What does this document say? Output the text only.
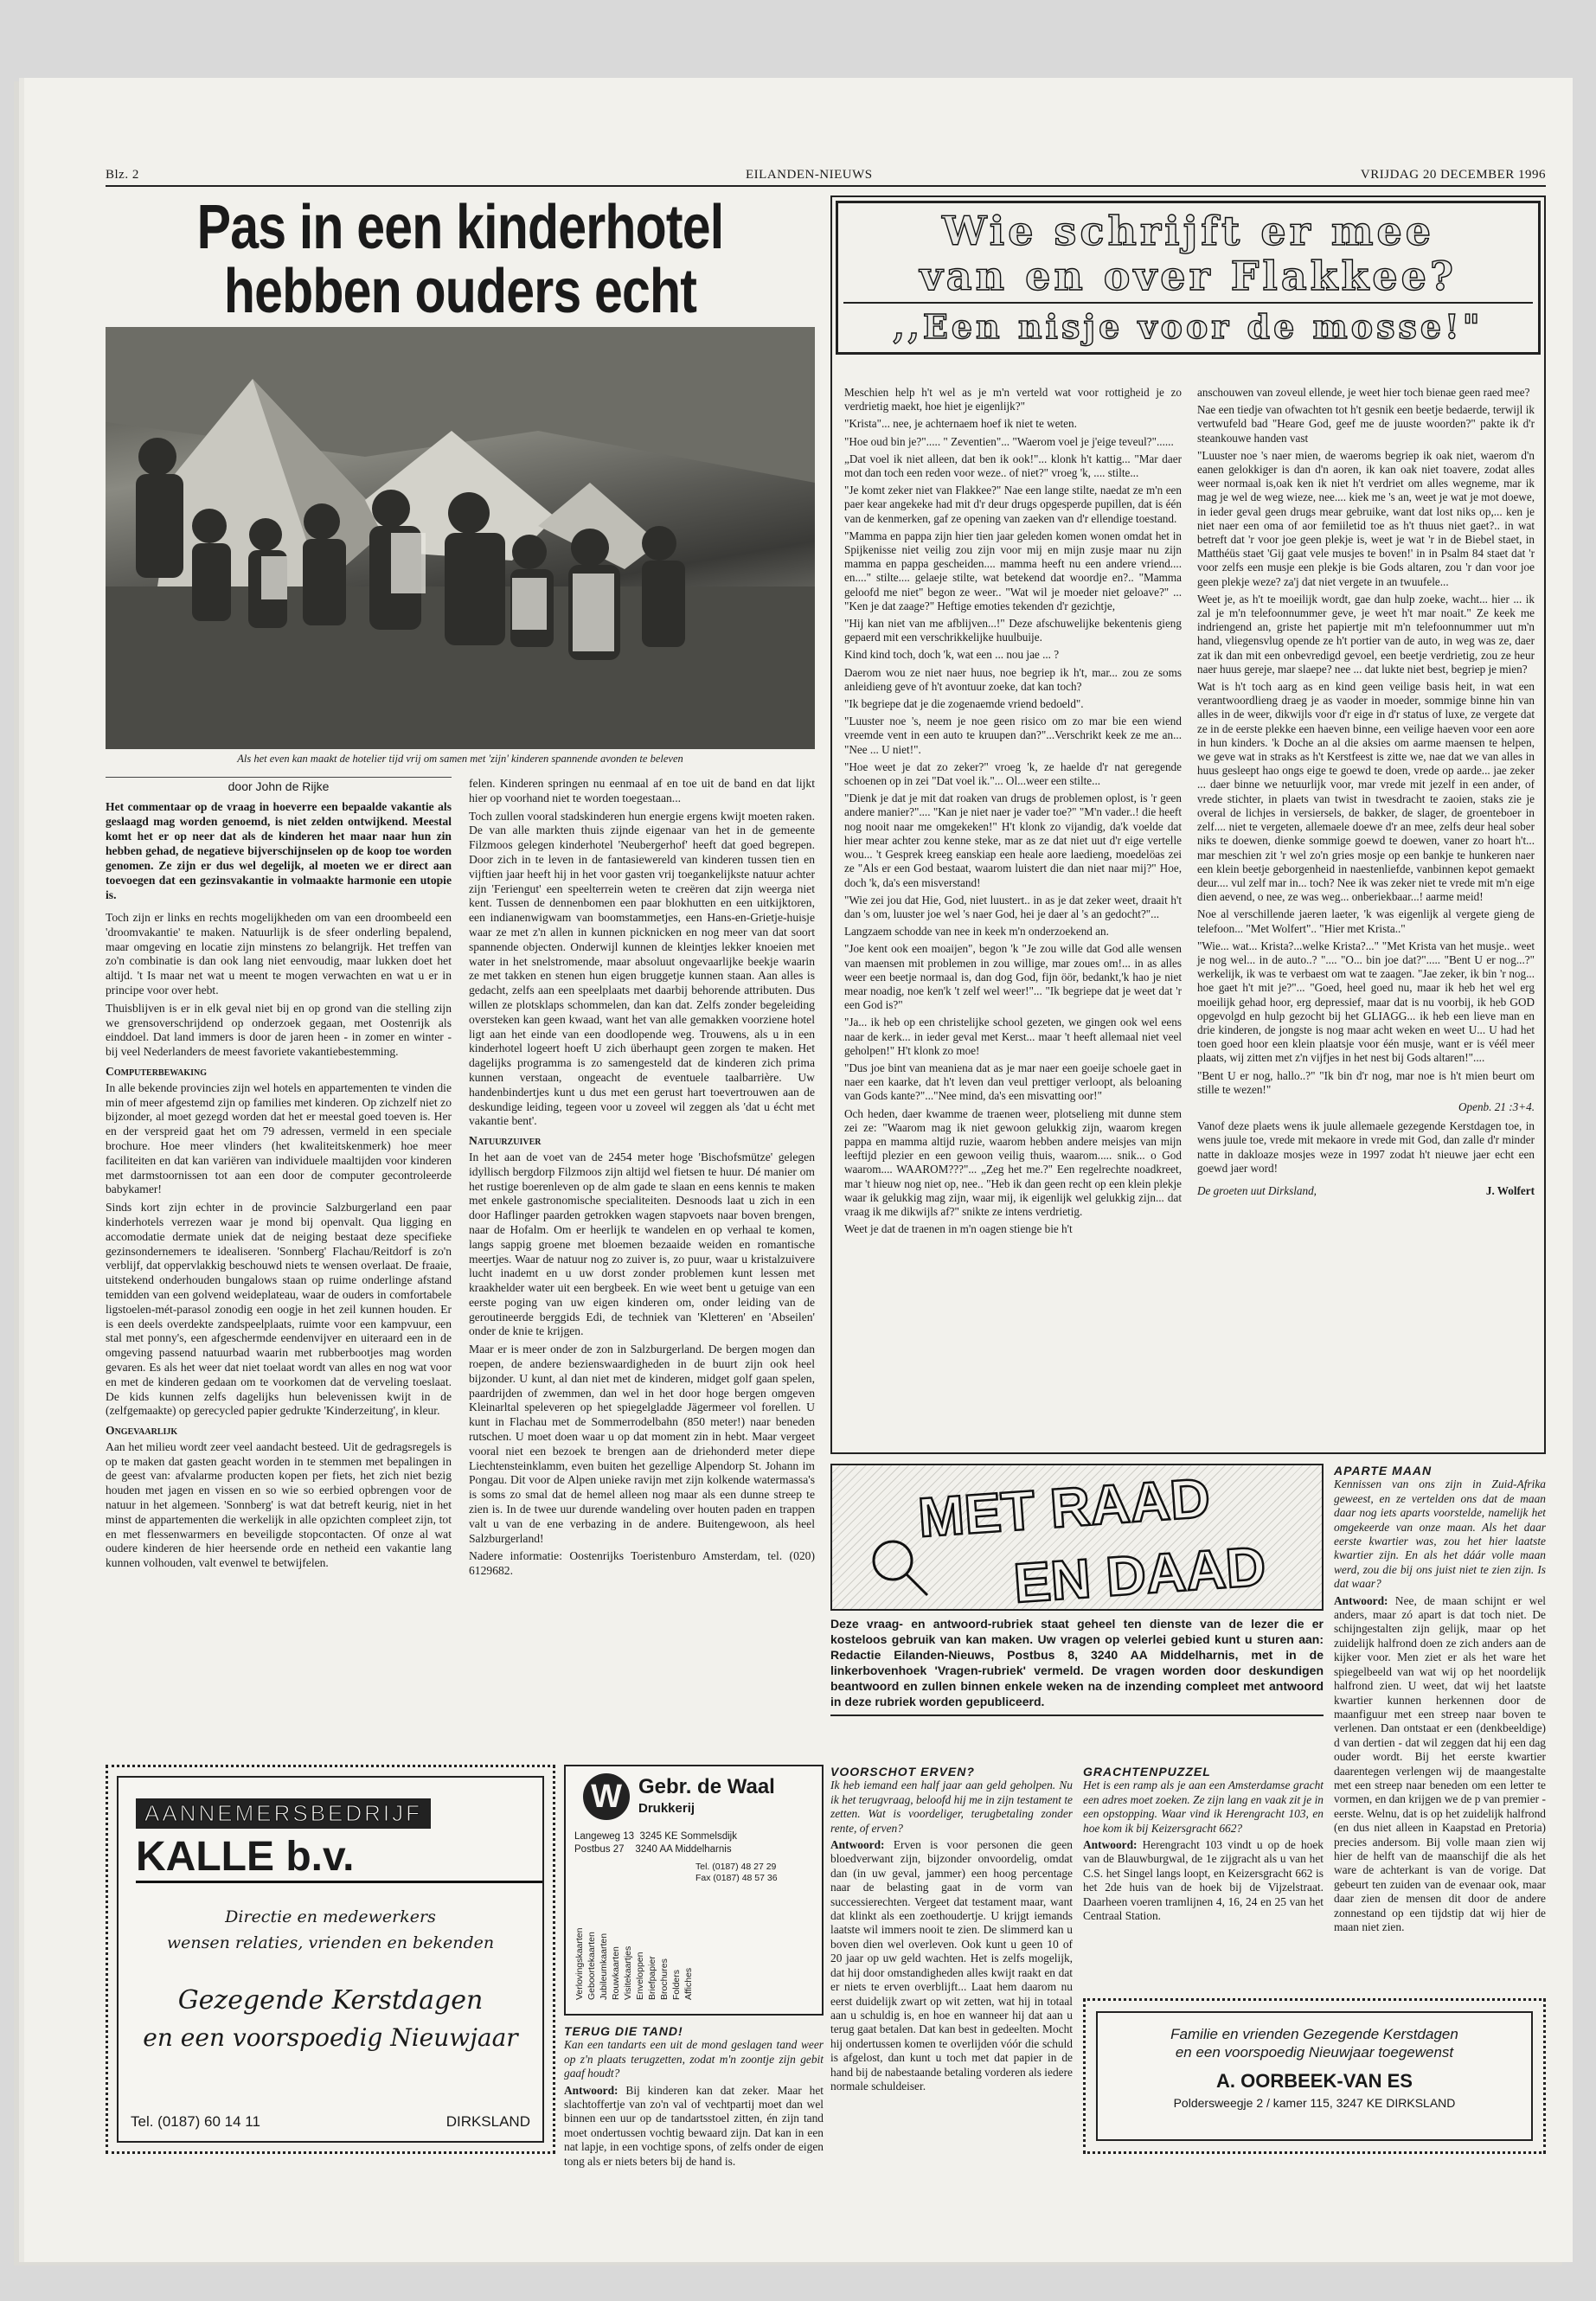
Blz. 2	EILANDEN-NIEUWS	VRIJDAG 20 DECEMBER 1996
Pas in een kinderhotel
hebben ouders echt
Als het even kan maakt de hotelier tijd vrij om samen met 'zijn' kinderen spannende avonden te beleven
door John de Rijke
Het commentaar op de vraag in hoeverre een bepaalde vakantie als geslaagd mag worden genoemd, is niet zelden ontwijkend. Meestal komt het er op neer dat als de kinderen het maar naar hun zin hebben gehad, de negatieve bijverschijnselen op de koop toe worden genomen. Ze zijn er dus wel degelijk, al moeten we er direct aan toevoegen dat een gezinsvakantie in volmaakte harmonie een utopie is.

Toch zijn er links en rechts mogelijkheden om van een droombeeld een 'droomvakantie' te maken. Natuurlijk is de sfeer onderling bepalend, maar omgeving en locatie zijn minstens zo belangrijk. Het treffen van zo'n combinatie is dan ook lang niet eenvoudig, maar lukken doet het altijd. 't Is maar net wat u meent te mogen verwachten en wat u er in principe voor over hebt.

Thuisblijven is er in elk geval niet bij en op grond van die stelling zijn we grensoverschrijdend op onderzoek gegaan, met Oostenrijk als einddoel. Dat land immers is door de jaren heen - in zomer en winter - bij veel Nederlanders de meest favoriete vakantiebestemming.

Computerbewaking

In alle bekende provincies zijn wel hotels en appartementen te vinden die min of meer afgestemd zijn op families met kinderen. Op zichzelf niet zo bijzonder, al moet gezegd worden dat het er meestal goed toeven is. Her en der verspreid gaat het om 79 adressen, vermeld in een speciale brochure. Hoe meer vlinders (het kwaliteitskenmerk) hoe meer faciliteiten en dat kan variëren van individuele maaltijden voor kinderen met darmstoornissen tot aan een door de computer gecontroleerde babykamer!

Sinds kort zijn echter in de provincie Salzburgerland een paar kinderhotels verrezen waar je mond bij openvalt. Qua ligging en accomodatie dermate uniek dat de neiging bestaat deze specifieke gezinsondernemers te idealiseren. 'Sonnberg' Flachau/Reitdorf is zo'n verblijf, dat oppervlakkig beschouwd niets te wensen overlaat. De fraaie, uitstekend onderhouden bungalows staan op ruime onderlinge afstand temidden van een golvend weideplateau, waar de ouders in comfortabele ligstoelen-mét-parasol zonodig een oogje in het zeil kunnen houden. Er is een deels overdekte zandspeelplaats, ruimte voor een kampvuur, een stal met ponny's, een afgeschermde eendenvijver en uiteraard een in de omgeving passend natuurbad waarin met rubberbootjes mag worden gevaren. Es als het weer dat niet toelaat wordt van alles en nog wat voor en met de kinderen gedaan om te voorkomen dat de verveling toeslaat. De kids kunnen zelfs dagelijks hun belevenissen kwijt in de (zelfgemaakte) op gerecycled papier gedrukte 'Kinderzeitung', in kleur.

Ongevaarlijk

Aan het milieu wordt zeer veel aandacht besteed. Uit de gedragsregels is op te maken dat gasten geacht worden in te stemmen met bepalingen in de geest van: afvalarme producten kopen per fiets, het zich niet bezig houden met jagen en vissen en so wie so eerbied opbrengen voor de natuur in het algemeen. 'Sonnberg' is wat dat betreft keurig, niet in het minst de appartementen die werkelijk in alle opzichten compleet zijn, tot en met flessenwarmers en beveiligde stopcontacten. Of onze al wat oudere kinderen de hier heersende orde en netheid een vakantie lang kunnen volhouden, valt evenwel te betwijfelen.

felen. Kinderen springen nu eenmaal af en toe uit de band en dat lijkt hier op voorhand niet te worden toegestaan...

Toch zullen vooral stadskinderen hun energie ergens kwijt moeten raken. De van alle markten thuis zijnde eigenaar van het in de gemeente Filzmoos gelegen kinderhotel 'Neubergerhof' heeft dat goed begrepen. Door zich in te leven in de fantasiewereld van kinderen tussen tien en vijftien jaar heeft hij in het voor gasten vrij toegankelijkste natuur achter zijn 'Feriengut' een speelterrein weten te creëren dat zijn weerga niet kent. Tussen de dennenbomen een paar blokhutten en een uitkijktoren, een indianenwigwam van boomstammetjes, een Hans-en-Grietje-huisje waar ze met z'n allen in kunnen picknicken en nog meer van dat soort spannende objecten. Onderwijl kunnen de kleintjes lekker knoeien met water in het snelstromende, maar absoluut ongevaarlijke beekje waarin ze met takken en stenen hun eigen bruggetje kunnen staan. Aan alles is gedacht, zelfs aan een speelplaats met daarbij behorende attributen. Dus willen ze plotsklaps schommelen, dan kan dat. Zelfs zonder begeleiding oversteken kan geen kwaad, want het van alle gemakken voorziene hotel ligt aan het einde van een doodlopende weg. Trouwens, als u in een kinderhotel logeert hoeft U zich überhaupt geen zorgen te maken. Het dagelijks programma is zo samengesteld dat de kinderen zich prima kunnen verstaan, ongeacht de eventuele taalbarrière. Uw handenbindertjes kunt u dus met een gerust hart toevertrouwen aan de deskundige leiding, tegeen voor u zoveel wil zeggen als 'dat u écht met vakantie bent'.

Natuurzuiver

In het aan de voet van de 2454 meter hoge 'Bischofsmütze' gelegen idyllisch bergdorp Filzmoos zijn altijd wel fietsen te huur. Dé manier om het rustige boerenleven op de alm gade te slaan en eens kennis te maken met enkele gastronomische specialiteiten. Desnoods laat u zich in een door Haflinger paarden getrokken wagen stapvoets naar boven brengen, naar de Hofalm. Om er heerlijk te wandelen en op verhaal te komen, langs sappig groene met bloemen bezaaide weiden en romantische meertjes. Waar de natuur nog zo zuiver is, zo puur, waar u kristalzuivere lucht inademt en u uw dorst zonder problemen kunt lessen met kraakhelder water uit een bergbeek. En wie weet bent u getuige van een eerste poging van uw eigen kinderen om, onder leiding van de geroutineerde berggids Edi, de techniek van 'Kletteren' en 'Abseilen' onder de knie te krijgen.

Maar er is meer onder de zon in Salzburgerland. De bergen mogen dan roepen, de andere bezienswaardigheden in de buurt zijn ook heel bijzonder. U kunt, al dan niet met de kinderen, midget golf gaan spelen, paardrijden of zwemmen, dan wel in het door hoge bergen omgeven Kleinarltal speleveren op het spiegelgladde Jägermeer vol forellen. U kunt in Flachau met de Sommerrodelbahn (850 meter!) naar beneden rutschen. U moet doen waar u op dat moment zin in hebt. Maar vergeet vooral niet een bezoek te brengen aan de driehonderd meter diepe Liechtensteinklamm, even buiten het gezellige Alpendorp St. Johann im Pongau. Dit voor de Alpen unieke ravijn met zijn kolkende watermassa's is soms zo smal dat de hemel alleen nog maar als een dunne streep te zien is. In de twee uur durende wandeling over houten paden en trappen valt u van de ene verbazing in de andere. Buitengewoon, als heel Salzburgerland!

Nadere informatie: Oostenrijks Toeristenburo Amsterdam, tel. (020) 6129682.

Wie schrijft er mee
van en over Flakkee?
,,Een nisje voor de mosse!"

Meschien help h't wel as je m'n verteld wat voor rottigheid je zo verdrietig maekt, hoe hiet je eigenlijk?"

"Krista"... nee, je achternaem hoef ik niet te weten.

"Hoe oud bin je?"..... " Zeventien"... "Waerom voel je j'eige teveul?"......

„Dat voel ik niet alleen, dat ben ik ook!"... klonk h't kattig... "Mar daer mot dan toch een reden voor weze.. of niet?" vroeg 'k, .... stilte...

"Je komt zeker niet van Flakkee?" Nae een lange stilte, naedat ze m'n een paer kear angekeke had mit d'r deur drugs opgesperde pupillen, dat is één van de kenmerken, gaf ze opening van zaeken van d'r ellendige toestand.

"Mamma en pappa zijn hier tien jaar geleden komen wonen omdat het in Spijkenisse niet veilig zou zijn voor mij en mijn zusje maar nu zijn mamma en pappa gescheiden.... mamma heeft nu een andere vriend.... en...." stilte.... gelaeje stilte, wat betekend dat woordje en?.. "Mamma geloofd me niet" begon ze weer.. "Wat wil je moeder niet geloave?" ... "Ken je dat zaage?" Heftige emoties tekenden d'r gezichtje,

"Hij kan niet van me afblijven...!" Deze afschuwelijke bekentenis gieng gepaerd mit een verschrikkelijke huulbuije.

Kind kind toch, doch 'k, wat een ... nou jae ... ?

Daerom wou ze niet naer huus, noe begriep ik h't, mar... zou ze soms anleidieng geve of h't avontuur zoeke, dat kan toch?

"Ik begriepe dat je die zogenaemde vriend bedoeld".

"Luuster noe 's, neem je noe geen risico om zo mar bie een wiend vreemde vent in een auto te kruupen dan?"...Verschrikt keek ze me an... "Nee ... U niet!".

"Hoe weet je dat zo zeker?" vroeg 'k, ze haelde d'r nat geregende schoenen op in zei "Dat voel ik."... Ol...weer een stilte...

"Dienk je dat je mit dat roaken van drugs de problemen oplost, is 'r geen andere manier?".... "Kan je niet naer je vader toe?" "M'n vader..! die heeft nog nooit naar me omgekeken!" H't klonk zo vijandig, da'k voelde dat hier mear achter zou kenne steke, mar as ze dat niet uut d'r eige vertelle wou... 't Gesprek kreeg eanskiap een heale aore laedieng, moedelöas zei ze "Als er een God bestaat, waarom luistert die dan niet naar mij?" Hoe, doch 'k, da's een misverstand!

"Wie zei jou dat Hie, God, niet luustert.. in as je dat zeker weet, draait h't dan 's om, luuster joe wel 's naer God, hei je daer al 's an gedocht?"...

Langzaem schodde van nee in keek m'n onderzoekend an.

"Joe kent ook een moaijen", begon 'k "Je zou wille dat God alle wensen van maensen mit problemen in zou willige, mar zoues om!... in as alles weer een beetje normaal is, dan dog God, fijn öör, bedankt,'k hao je niet mear noadig, noe ken'k 't zelf wel weer!"... "Ik begriepe dat je weet dat 'r een God is?"

"Ja... ik heb op een christelijke school gezeten, we gingen ook wel eens naar de kerk... in ieder geval met Kerst... maar 't heeft allemaal niet veel geholpen!" H't klonk zo moe!

"Dus joe bint van meaniena dat as je mar naer een goeije schoele gaet in naer een kaarke, dat h't leven dan veul prettiger verloopt, als beloaning van Gods kante?"..."Nee mind, da's een misvatting oor!"

Och heden, daer kwamme de traenen weer, plotselieng mit dunne stem zei ze: "Waarom mag ik niet gewoon gelukkig zijn, waarom kregen pappa en mamma altijd ruzie, waarom hebben andere meisjes van mijn leeftijd plezier en een gewoon veilig thuis, waarom..... snik... o God waarom.... WAAROM???"... „Zeg het me.?" Een regelrechte noadkreet, mar 't hieuw nog niet op, nee.. "Heb ik dan geen recht op een klein plekje waar ik gelukkig mag zijn, waar mij, ik eigenlijk wel gelukkig zijn... dat vraag ik me dikwijls af?" snikte ze intens verdrietig.

Weet je dat de traenen in m'n oagen stienge bie h't

anschouwen van zoveul ellende, je weet hier toch bienae geen raed mee?

Nae een tiedje van ofwachten tot h't gesnik een beetje bedaerde, terwijl ik vertwufeld bad "Heare God, geef me de juuste woorden?" pakte ik d'r steankouwe handen vast

"Luuster noe 's naer mien, de waeroms begriep ik oak niet, waerom d'n eanen gelokkiger is dan d'n aoren, ik kan oak niet toavere, zodat alles weer normaal is,oak ken ik niet h't verdriet om alles wegneme, mar ik mag je wel de weg wieze, nee.... kiek me 's an, weet je wat je mot doewe, in ieder geval geen drugs mear gebruike, want dat lost niks op,... ken je niet naer een oma of aor femiiletid toe as h't thuus niet gaet?.. in wat betreft dat 'r voor joe geen plekje is, weet je wat 'r in de Biebel staet, in Matthéüs staet 'Gij gaat vele musjes te boven!' in in Psalm 84 staet dat 'r voor zelfs een musje een plekje is bie Gods altaren, zou 'r dan voor joe geen plekje weze? za'j dat niet vergete in an twuufele...

Weet je, as h't te moeilijk wordt, gae dan hulp zoeke, wacht... hier ... ik zal je m'n telefoonnummer geve, je weet h't mar noait." Ze keek me indriengend an, griste het papiertje mit m'n telefoonnummer uut m'n hand, vliegensvlug opende ze h't portier van de auto, in weg was ze, daer zat ik dan mit een onbevredigd gevoel, een beetje verdrietig, zou ze heur naer huus gereje, mar slaepe? nee ... dat lukte niet best, begriep je mien?

Wat is h't toch aarg as en kind geen veilige basis heit, in wat een verantwoordlieng draeg je as vaoder in moeder, sommige binne hin van alles in de weer, dikwijls voor d'r eige in d'r status of luxe, ze vergete dat ze in de eerste plekke een haeven binne, een veilige haeven voor een aore in hun kinders. 'k Doche an al die aksies om aarme maensen te helpen, we geve wat in straks as h't Kerstfeest is zitte we, nae dat we van alles in huus gesleept hao ongs eige te goewd te doen, vrede op aarde... jae zeker ... daer binne we netuurlijk voor, mar vrede mit jezelf in een ander, of vrede stichter, in plaets van twist in twesdracht te zaoien, staks zie je overal de lichjes in versiersels, de bakker, de slager, de groenteboer in zelf.... niet te vergeten, allemaele doewe d'r an mee, zelfs deur heal sober niks te doewen, dienke sommige goewd te doewen, vaner zo hoart h't... mar meschien zit 'r wel zo'n gries mosje op een bankje te hunkeren naer een klein beetje geborgenheid in naestenliefde, vanbinnen kepot gemaekt deur.... vul zelf mar in... toch? Nee ik was zeker niet te vrede mit m'n eige dien aevend, o nee, ze was weg... onberiekbaar...! aarme meid!

Noe al verschillende jaeren laeter, 'k was eigenlijk al vergete gieng de telefoon... "Met Wolfert".. "Hier met Krista.."

"Wie... wat... Krista?...welke Krista?..." "Met Krista van het musje.. weet je nog wel... in de auto..? ".... "O... bin joe dat?"..... "Bent U er nog...?" werkelijk, ik was te verbaest om wat te zaagen. "Jae zeker, ik bin 'r nog... hoe gaet h't mit je?"... "Goed, heel goed nu, maar ik heb het wel erg moeilijk gehad hoor, erg depressief, maar dat is nu voorbij, ik heb GOD opgevolgd en hulp gezocht bij het GLIAGG... ik heb een lieve man en drie kinderen, de jongste is nog maar acht weken en weet U... U had het toen goed hoor een klein plaatsje voor één musje, want er is véél meer plaats, wij zitten met z'n vijfjes in het nest bij Gods altaren!"....

"Bent U er nog, hallo..?" "Ik bin d'r nog, mar noe is h't mien beurt om stille te wezen!"

Openb. 21 :3+4.

Vanof deze plaets wens ik juule allemaele gezegende Kerstdagen toe, in wens juule toe, vrede mit mekaore in vrede mit God, dan zalle d'r minder natte in dakloaze mosjes weze in 1997 zodat h't nieuwe jaer echt een goewd jaer word!

De groeten uut Dirksland,	J. Wolfert
MET RAAD
EN DAAD
Deze vraag- en antwoord-rubriek staat geheel ten dienste van de lezer die er kosteloos gebruik van kan maken. Uw vragen op velerlei gebied kunt u sturen aan: Redactie Eilanden-Nieuws, Postbus 8, 3240 AA Middelharnis, met in de linkerbovenhoek 'Vragen-rubriek' vermeld. De vragen worden door deskundigen beantwoord en zullen binnen enkele weken na de inzending compleet met antwoord in deze rubriek worden gepubliceerd.
APARTE MAAN
Kennissen van ons zijn in Zuid-Afrika geweest, en ze vertelden ons dat de maan daar nog iets aparts voorstelde, namelijk het omgekeerde van onze maan. Als het daar eerste kwartier was, zou het hier laatste kwartier zijn. En als het dáár volle maan werd, zou die bij ons juist niet te zien zijn. Is dat waar?
Antwoord: Nee, de maan schijnt er wel anders, maar zó apart is dat toch niet. De schijngestalten zijn gelijk, maar op het zuidelijk halfrond doen ze zich anders aan de kijker voor. Men ziet er als het ware het spiegelbeeld van wat wij op het noordelijk halfrond zien. U weet, dat wij het laatste kwartier kunnen herkennen door de maanfiguur met een streep naar boven te verlenen. Dan ontstaat er een (denkbeeldige) d van dertien - dat wil zeggen dat hij een dag ouder wordt. Bij het eerste kwartier daarentegen verlengen wij de maangestalte met een streep naar beneden om een letter te vormen, en dan krijgen we de p van premier - eerste. Welnu, dat is op het zuidelijk halfrond (en dus niet alleen in Kaapstad en Pretoria) precies andersom. Bij volle maan zien wij hier de helft van de maanschijf die als het ware de achterkant is van de vorige. Dat gebeurt ten zuiden van de evenaar ook, maar daar zien de mensen dit door de andere zonnestand op een tijdstip dat wij hier de maan niet zien.
VOORSCHOT ERVEN?
Ik heb iemand een half jaar aan geld geholpen. Nu ik het terugvraag, beloofd hij me in zijn testament te zetten. Wat is voordeliger, terugbetaling zonder rente, of erven?
Antwoord: Erven is voor personen die geen bloedverwant zijn, bijzonder onvoordelig, omdat dan (in uw geval, jammer) een hoog percentage naar de belasting gaat in de vorm van successierechten. Vergeet dat testament maar, want dat klinkt als een zoethoudertje. U krijgt iemands laatste wil immers nooit te zien. De slimmerd kan u boven dien wel overleven. Ook kunt u geen 10 of 20 jaar op uw geld wachten. Het is zelfs mogelijk, dat hij door omstandigheden alles kwijt raakt en dat er niets te erven overblijft... Laat hem daarom nu eerst duidelijk zwart op wit zetten, wat hij in totaal aan u schuldig is, en hoe en wanneer hij dat aan u terug gaat betalen. Dat kan best in gedeelten. Mocht hij ondertussen komen te overlijden vóór die schuld is afgelost, dan kunt u toch met dat papier in de hand bij de nabestaande betaling vorderen als iedere normale schuldeiser.
GRACHTENPUZZEL
Het is een ramp als je aan een Amsterdamse gracht een adres moet zoeken. Ze zijn lang en vaak zit je in een opstopping. Waar vind ik Herengracht 103, en hoe kom ik bij Keizersgracht 662?
Antwoord: Herengracht 103 vindt u op de hoek van de Blauwburgwal, de 1e zijgracht als u van het C.S. het Singel langs loopt, en Keizersgracht 662 is het 2de huis van de hoek bij de Vijzelstraat. Daarheen voeren tramlijnen 4, 16, 24 en 25 van het Centraal Station.
TERUG DIE TAND!
Kan een tandarts een uit de mond geslagen tand weer op z'n plaats terugzetten, zodat m'n zoontje zijn gebit gaaf houdt?
Antwoord: Bij kinderen kan dat zeker. Maar het slachtoffertje van zo'n val of vechtpartij moet dan wel binnen een uur op de tandartsstoel zitten, én zijn tand moet ondertussen vochtig bewaard zijn. Dat kan in een nat lapje, in een vochtige spons, of zelfs onder de eigen tong als er niets beters bij de hand is.
AANNEMERSBEDRIJF
KALLE b.v.
Directie en medewerkers
wensen relaties, vrienden en bekenden
Gezegende Kerstdagen
en een voorspoedig Nieuwjaar
Tel. (0187) 60 14 11	DIRKSLAND
W Gebr. de Waal
Drukkerij
Langeweg 13 3245 KE Sommelsdijk
Postbus 27 3240 AA Middelharnis
Tel. (0187) 48 27 29
Fax (0187) 48 57 36
Verlovingskaarten Geboortekaarten Jubileumkaarten Rouwkaarten Visitekaartjes Enveloppen Briefpapier Brochures Folders Affiches
Familie en vrienden Gezegende Kerstdagen
en een voorspoedig Nieuwjaar toegewenst
A. OORBEEK-VAN ES
Poldersweegje 2 / kamer 115, 3247 KE DIRKSLAND
